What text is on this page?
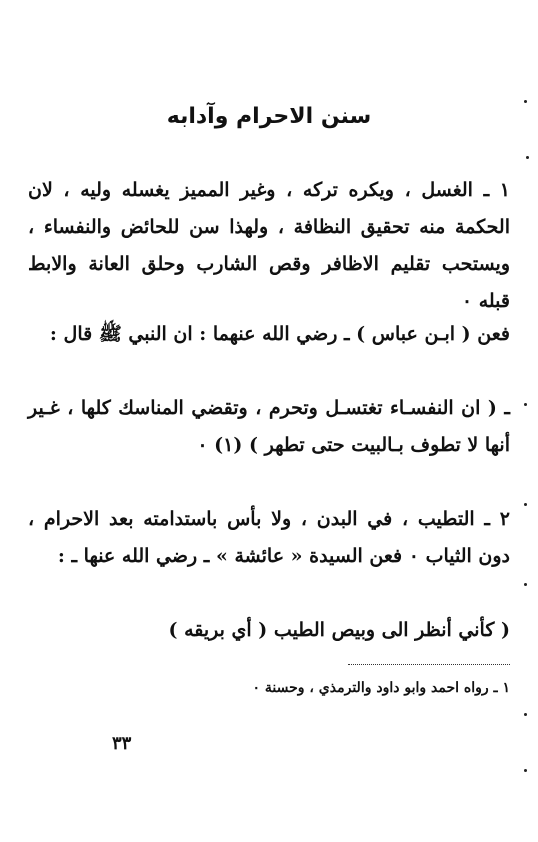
سنن الاحرام وآدابه
١ ـ الغسل ، ويكره تركه ، وغير المميز يغسله وليه ، لان الحكمة منه تحقيق النظافة ، ولهذا سن للحائض والنفساء ، ويستحب تقليم الاظافر وقص الشارب وحلق العانة والابط قبله ٠
فعن ( ابـن عباس ) ـ رضي الله عنهما : ان النبي ﷺ قال :
ـ ( ان النفسـاء تغتسـل وتحرم ، وتقضي المناسك كلها ، غـير أنها لا تطوف بـالبيت حتى تطهر ) (١) ٠
٢ ـ التطيب ، في البدن ، ولا بأس باستدامته بعد الاحرام ، دون الثياب ٠ فعن السيدة « عائشة » ـ رضي الله عنها ـ :
( كأني أنظر الى وبيص الطيب ( أي بريقه )
١ ـ رواه احمد وابو داود والترمذي ، وحسنة ٠
٣٣
